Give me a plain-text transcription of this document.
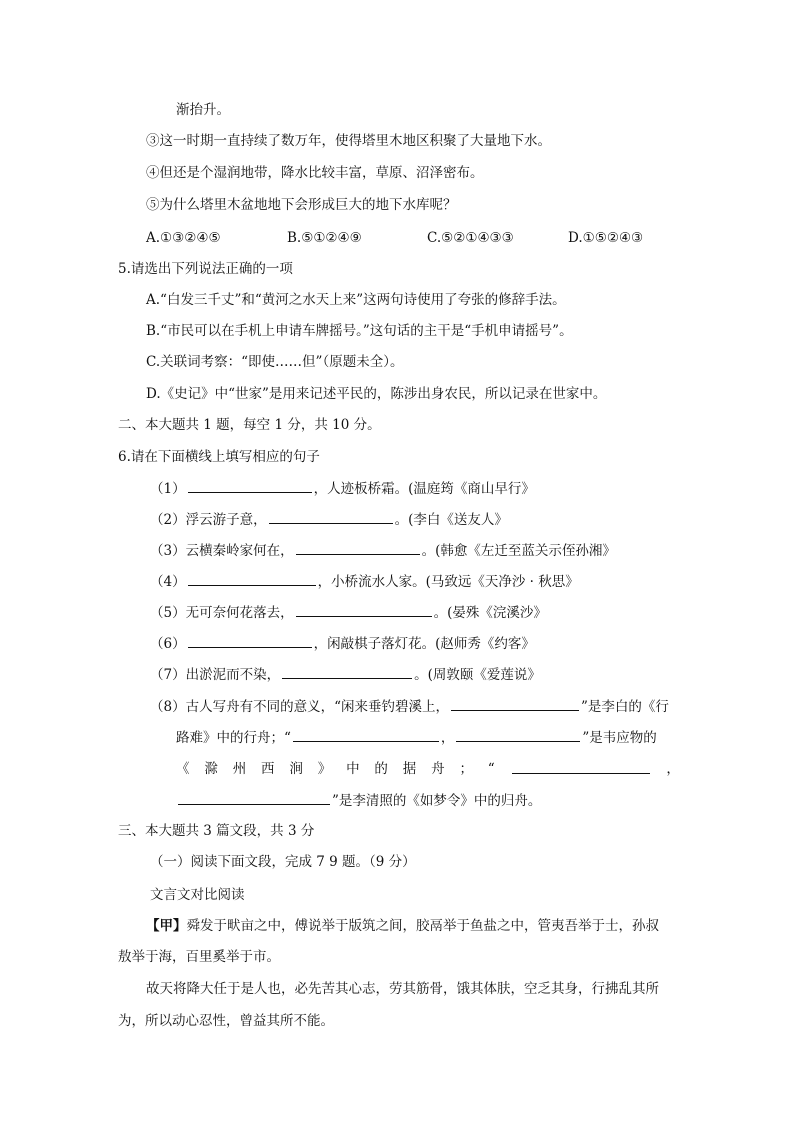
渐抬升。
③这一时期一直持续了数万年，使得塔里木地区积聚了大量地下水。
④但还是个湿润地带，降水比较丰富，草原、沼泽密布。
⑤为什么塔里木盆地地下会形成巨大的地下水库呢？
A.①③②④⑤	B.⑤①②④⑨	C.⑤②①④③③	D.①⑤②④③
5.请选出下列说法正确的一项
A.“白发三千丈”和“黄河之水天上来”这两句诗使用了夸张的修辞手法。
B.“市民可以在手机上申请车牌摇号。”这句话的主干是“手机申请摇号”。
C.关联词考察：“即使……但”（原题未全）。
D.《史记》中“世家”是用来记述平民的，陈涉出身农民，所以记录在世家中。
二、本大题共 1 题，每空 1 分，共 10 分。
6.请在下面横线上填写相应的句子
（1）	，人迹板桥霜。(温庭筠《商山早行》
（2）浮云游子意，	。(李白《送友人》
（3）云横秦岭家何在，	。(韩愈《左迁至蓝关示侄孙湘》
（4）	，小桥流水人家。(马致远《天净沙 · 秋思》
（5）无可奈何花落去，	。(晏殊《浣溪沙》
（6）	，闲敲棋子落灯花。(赵师秀《约客》
（7）出淤泥而不染，	。(周敦颐《爱莲说》
（8）古人写舟有不同的意义，“闲来垂钓碧溪上，	”是李白的《行
路难》中的行舟；“	，	”是韦应物的
《 滁 州 西 涧 》 中 的 据 舟 ； “	，
”是李清照的《如梦令》中的归舟。
三、本大题共 3 篇文段，共 3 分
（一）阅读下面文段，完成 7 9 题。（9 分）
文言文对比阅读
【甲】舜发于畎亩之中，傅说举于版筑之间，胶鬲举于鱼盐之中，管夷吾举于士，孙叔
敖举于海，百里奚举于市。
故天将降大任于是人也，必先苦其心志，劳其筋骨，饿其体肤，空乏其身，行拂乱其所
为，所以动心忍性，曾益其所不能。
